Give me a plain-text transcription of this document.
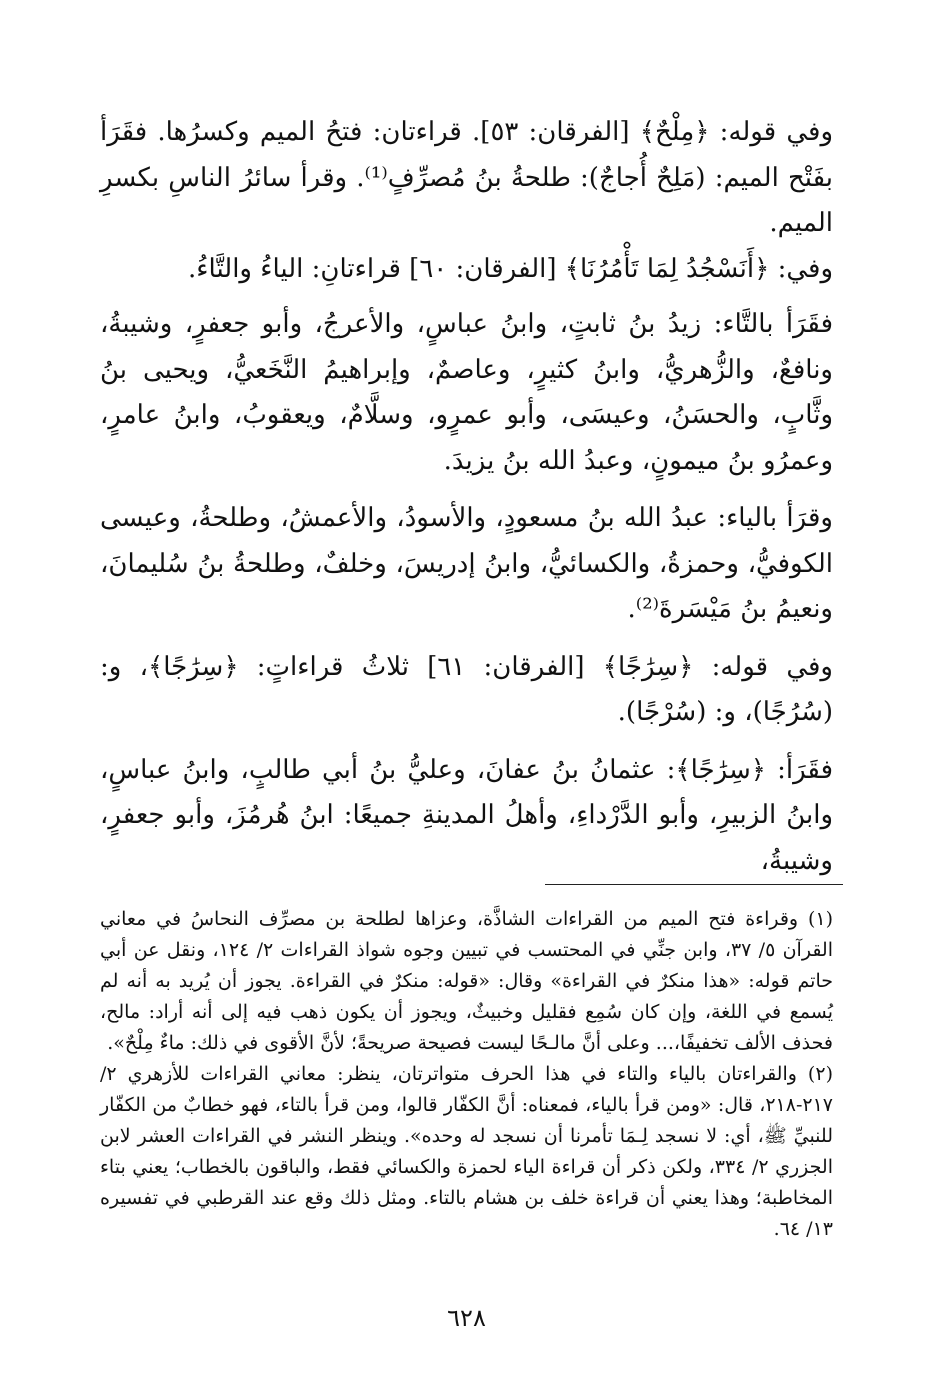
وفي قوله: ﴿مِلْحٌ﴾ [الفرقان: ٥٣]. قراءتان: فتحُ الميم وكسرُها. فقَرَأ بفَتْح الميم: (مَلِحٌ أُجاجٌ): طلحةُ بنُ مُصرِّفٍ⁽¹⁾. وقرأ سائرُ الناسِ بكسرِ الميم.

وفي: ﴿أَنَسْجُدُ لِمَا تَأْمُرُنَا﴾ [الفرقان: ٦٠] قراءتانِ: الياءُ والتَّاءُ.

فقَرَأ بالتَّاء: زيدُ بنُ ثابتٍ، وابنُ عباسٍ، والأعرجُ، وأبو جعفرٍ، وشيبةُ، ونافعٌ، والزُّهريُّ، وابنُ كثيرٍ، وعاصمٌ، وإبراهيمُ النَّخَعيُّ، ويحيى بنُ وثَّابٍ، والحسَنُ، وعيسَى، وأبو عمرٍو، وسلَّامٌ، ويعقوبُ، وابنُ عامرٍ، وعمرُو بنُ ميمونٍ، وعبدُ الله بنُ يزيدَ.

وقرَأ بالياء: عبدُ الله بنُ مسعودٍ، والأسودُ، والأعمشُ، وطلحةُ، وعيسى الكوفيُّ، وحمزةُ، والكسائيُّ، وابنُ إدريسَ، وخلفٌ، وطلحةُ بنُ سُليمانَ، ونعيمُ بنُ مَيْسَرةَ⁽²⁾.

وفي قوله: ﴿سِرَٰجًا﴾ [الفرقان: ٦١] ثلاثُ قراءاتٍ: ﴿سِرَٰجًا﴾، و: (سُرُجًا)، و: (سُرْجًا).

فقَرَأ: ﴿سِرَٰجًا﴾: عثمانُ بنُ عفانَ، وعليُّ بنُ أبي طالبٍ، وابنُ عباسٍ، وابنُ الزبيرِ، وأبو الدَّرْداءِ، وأهلُ المدينةِ جميعًا: ابنُ هُرمُزَ، وأبو جعفرٍ، وشيبةُ،

(١) وقراءة فتح الميم من القراءات الشاذَّة، وعزاها لطلحة بن مصرِّف النحاسُ في معاني القرآن ٥/ ٣٧، وابن جنِّي في المحتسب في تبيين وجوه شواذ القراءات ٢/ ١٢٤، ونقل عن أبي حاتم قوله: «هذا منكرٌ في القراءة» وقال: «قوله: منكرٌ في القراءة. يجوز أن يُريد به أنه لم يُسمع في اللغة، وإن كان سُمِع فقليل وخبيثٌ، ويجوز أن يكون ذهب فيه إلى أنه أراد: مالح، فحذف الألف تخفيفًا،... وعلى أنَّ مالـحًا ليست فصيحة صريحةً؛ لأنَّ الأقوى في ذلك: ماءٌ مِلْحٌ».

(٢) والقراءتان بالياء والتاء في هذا الحرف متواترتان، ينظر: معاني القراءات للأزهري ٢/ ٢١٧-٢١٨، قال: «ومن قرأ بالياء، فمعناه: أنَّ الكفّار قالوا، ومن قرأ بالتاء، فهو خطابٌ من الكفّار للنبيِّ ﷺ، أي: لا نسجد لِـمَا تأمرنا أن نسجد له وحده». وينظر النشر في القراءات العشر لابن الجزري ٢/ ٣٣٤، ولكن ذكر أن قراءة الياء لحمزة والكسائي فقط، والباقون بالخطاب؛ يعني بتاء المخاطبة؛ وهذا يعني أن قراءة خلف بن هشام بالتاء. ومثل ذلك وقع عند القرطبي في تفسيره ١٣/ ٦٤.

٦٢٨
